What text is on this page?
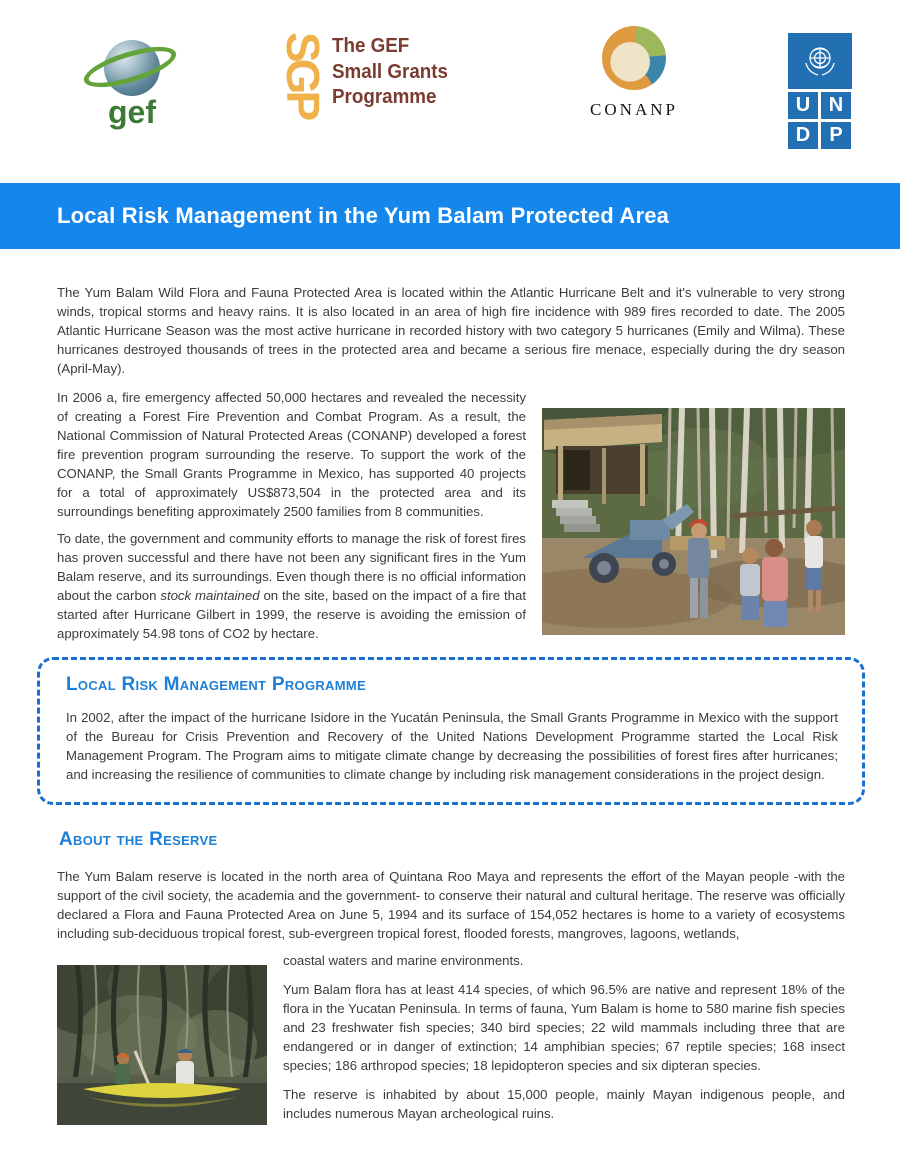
gef	SGP The GEF
Small Grants
Programme
CONANP	U N
D P
Local Risk Management in the Yum Balam Protected Area

The Yum Balam Wild Flora and Fauna Protected Area is located within the Atlantic Hurricane Belt and it's vulnerable to very strong winds, tropical storms and heavy rains. It is also located in an area of high fire incidence with 989 fires recorded to date. The 2005 Atlantic Hurricane Season was the most active hurricane in recorded history with two category 5 hurricanes (Emily and Wilma). These hurricanes destroyed thousands of trees in the protected area and became a serious fire menace, especially during the dry season (April-May).

In 2006 a, fire emergency affected 50,000 hectares and revealed the necessity of creating a Forest Fire Prevention and Combat Program. As a result, the National Commission of Natural Protected Areas (CONANP) developed a forest fire prevention program surrounding the reserve. To support the work of the CONANP, the Small Grants Programme in Mexico, has supported 40 projects for a total of approximately US$873,504 in the protected area and its surroundings benefiting approximately 2500 families from 8 communities.

To date, the government and community efforts to manage the risk of forest fires has proven successful and there have not been any significant fires in the Yum Balam reserve, and its surroundings. Even though there is no official information about the carbon stock maintained on the site, based on the impact of a fire that started after Hurricane Gilbert in 1999, the reserve is avoiding the emission of approximately 54.98 tons of CO2 by hectare.

Local Risk Management Programme

In 2002, after the impact of the hurricane Isidore in the Yucatán Peninsula, the Small Grants Programme in Mexico with the support of the Bureau for Crisis Prevention and Recovery of the United Nations Development Programme started the Local Risk Management Program. The Program aims to mitigate climate change by decreasing the possibilities of forest fires after hurricanes; and increasing the resilience of communities to climate change by including risk management considerations in the project design.

About the Reserve

The Yum Balam reserve is located in the north area of Quintana Roo Maya and represents the effort of the Mayan people -with the support of the civil society, the academia and the government- to conserve their natural and cultural heritage. The reserve was officially declared a Flora and Fauna Protected Area on June 5, 1994 and its surface of 154,052 hectares is home to a variety of ecosystems including sub-deciduous tropical forest, sub-evergreen tropical forest, flooded forests, mangroves, lagoons, wetlands,

coastal waters and marine environments.

Yum Balam flora has at least 414 species, of which 96.5% are native and represent 18% of the flora in the Yucatan Peninsula. In terms of fauna, Yum Balam is home to 580 marine fish species and 23 freshwater fish species; 340 bird species; 22 wild mammals including three that are endangered or in danger of extinction; 14 amphibian species; 67 reptile species; 168 insect species; 186 arthropod species; 18 lepidopteron species and six dipteran species.

The reserve is inhabited by about 15,000 people, mainly Mayan indigenous people, and includes numerous Mayan archeological ruins.
